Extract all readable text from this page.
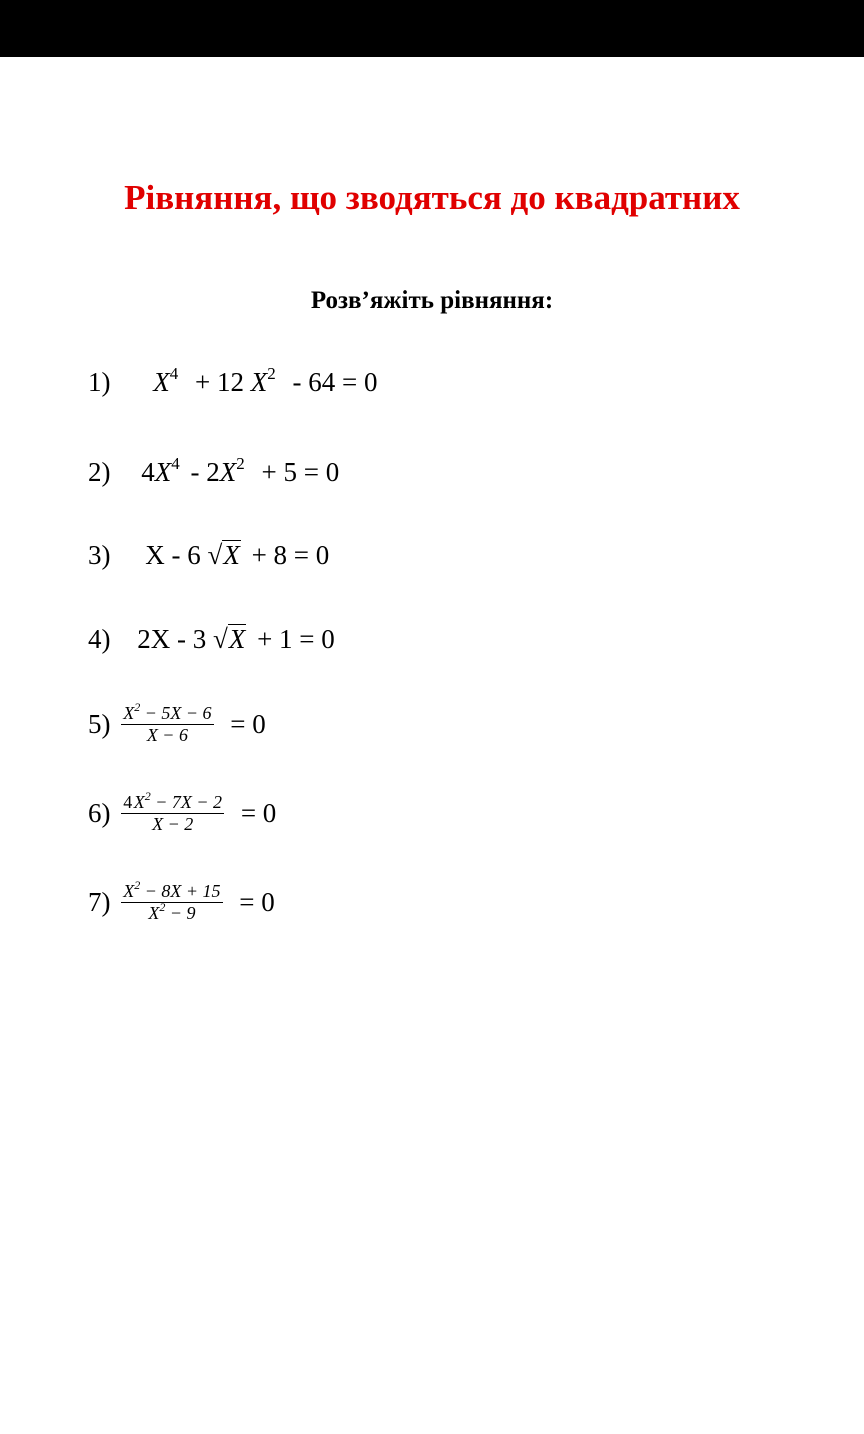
Рівняння, що зводяться до квадратних
Розв’яжіть рівняння:
1) $X^4 + 12$ $X^2 - 64 = 0$
2) $4X^4 - 2X^2 + 5 = 0$
3) X - 6 √X + 8 = 0
4) 2X - 3 √X + 1 = 0
$5) \frac{X^2 - 5X - 6}{X - 6} = 0$
$6) \frac{4 X^2 - 7X - 2}{X - 2} = 0$
$7) \frac{X^2 - 8X + 15}{X^2 - 9} = 0$
